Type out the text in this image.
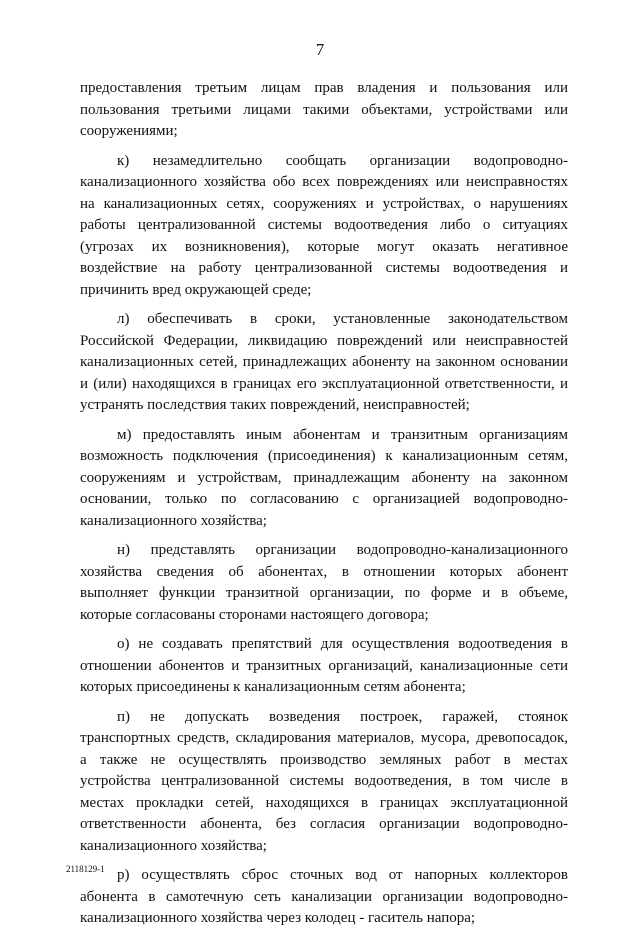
7
предоставления третьим лицам прав владения и пользования или
пользования третьими лицами такими объектами, устройствами или
сооружениями;
к) незамедлительно сообщать организации водопроводно-
канализационного хозяйства обо всех повреждениях или неисправностях
на канализационных сетях, сооружениях и устройствах, о нарушениях
работы централизованной системы водоотведения либо о ситуациях
(угрозах их возникновения), которые могут оказать негативное
воздействие на работу централизованной системы водоотведения и
причинить вред окружающей среде;
л) обеспечивать в сроки, установленные законодательством
Российской Федерации, ликвидацию повреждений или неисправностей
канализационных сетей, принадлежащих абоненту на законном основании
и (или) находящихся в границах его эксплуатационной ответственности, и
устранять последствия таких повреждений, неисправностей;
м) предоставлять иным абонентам и транзитным организациям
возможность подключения (присоединения) к канализационным сетям,
сооружениям и устройствам, принадлежащим абоненту на законном
основании, только по согласованию с организацией водопроводно-
канализационного хозяйства;
н) представлять организации водопроводно-канализационного
хозяйства сведения об абонентах, в отношении которых абонент
выполняет функции транзитной организации, по форме и в объеме,
которые согласованы сторонами настоящего договора;
о) не создавать препятствий для осуществления водоотведения в
отношении абонентов и транзитных организаций, канализационные сети
которых присоединены к канализационным сетям абонента;
п) не допускать возведения построек, гаражей, стоянок
транспортных средств, складирования материалов, мусора, древопосадок,
а также не осуществлять производство земляных работ в местах
устройства централизованной системы водоотведения, в том числе в
местах прокладки сетей, находящихся в границах эксплуатационной
ответственности абонента, без согласия организации водопроводно-
канализационного хозяйства;
р) осуществлять сброс сточных вод от напорных коллекторов
абонента в самотечную сеть канализации организации водопроводно-
канализационного хозяйства через колодец - гаситель напора;
2118129-1
